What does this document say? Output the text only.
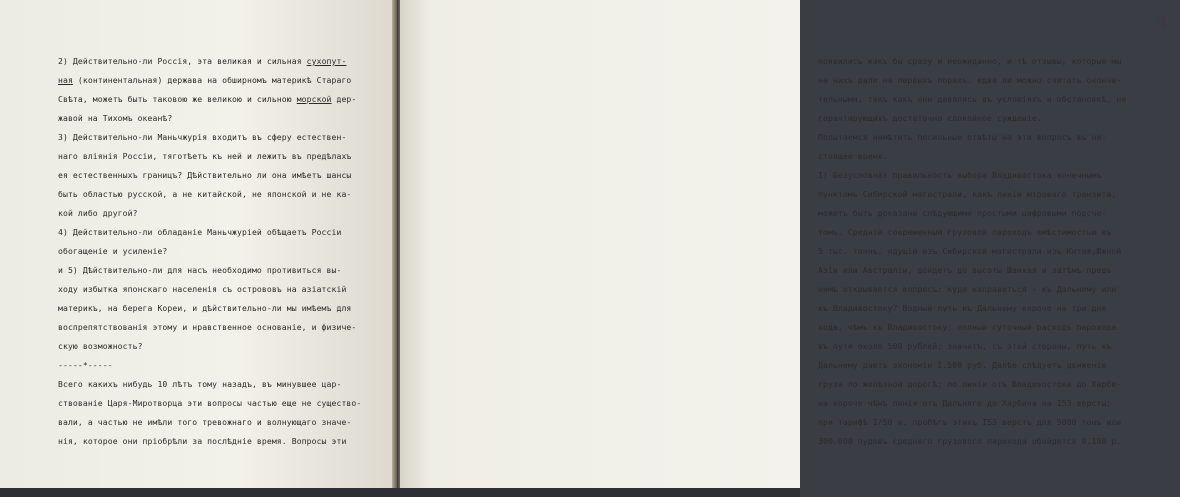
2) Действительно-ли Россія, эта великая и сильная сухопут-
ная (континентальная) держава на обширномъ материкѣ Стараго
Свѣта, можетъ быть таковою же великою и сильною морской дер-
жавой на Тихомъ океанѣ?
3) Действительно-ли Маньчжурія входитъ въ сферу естествен-
наго вліянія Россіи, тяготѣетъ къ ней и лежитъ въ предѣлахъ
ея естественныхъ границъ? Дѣйствительно ли она имѣетъ шансы
быть областью русской, а не китайской, не японской и не ка-
кой либо другой?
4) Действительно-ли обладаніе Маньчжуріей обѣщаетъ Россіи
обогащеніе и усиленіе?
и 5) Дѣйствительно-ли для насъ необходимо противиться вы-
ходу избытка японскаго населенія съ острововъ на азіатскій
материкъ, на берега Кореи, и дѣйствительно-ли мы имѣемъ для
воспрепятствованія этому и нравственное основаніе, и физиче-
скую возможность?
-----*-----
Всего какихъ нибудь 10 лѣтъ тому назадъ, въ минувшее цар-
ствованіе Царя-Миротворца эти вопросы частью еще не существо-
вали, а частью не имѣли того тревожнаго и волнующаго значе-
нія, которое они пріобрѣли за послѣдніе время. Вопросы эти
появились какъ бы сразу и неожиданно, и тѣ отзывы, которые мы
на нихъ дали на первыхъ порахъ. едва ли можно считать оконча-
тельными, такъ какъ они давались въ условіяхъ и обстановкѣ, не
гарантирующихъ достаточно спокойное сужденіе.
Попытаемся намѣтить посильные отвѣты на эти вопросъ въ на-
стоящее время.
I) Безусловная правильность выбора Владивостока конечнымъ
пунктомъ Сибирской магистрали, какъ линіи міроваго транзита,
можетъ быть доказана слѣдующими простыми цифровыми подсче-
томъ. Средній современный грузовой пароходъ вмѣстимостью въ
5 тыс. тоннъ, идущій изъ Сибирской магистрали изъ Китая,Южной
Азіи или Австраліи, дойдетъ до высоты Шанхая и затѣмъ предъ
нимъ открывается вопросъ: куда направиться - къ Дальнему или
къ Владивостоку? Водный путь къ Дальнему короче на три дня
хода, чѣмъ къ Владивостоку; полный суточный расходъ парохода
въ пути около 500 рублей; значитъ, съ этой стороны, путь къ
Дальнему даетъ экономіи I.500 руб. Далѣе слѣдуетъ движеніе
груза по желѣзной дорогѣ; по линіи отъ Владивостока до Харби-
на короче чѣмъ линія отъ Дальняго до Харбина на I53 версты;
при тарифѣ I/50 к. пробѣгъ этихъ I53 верстъ для 5000 тонъ или
300.000 пудовъ средняго грузового парохода обойдется 9.180 р.
4
